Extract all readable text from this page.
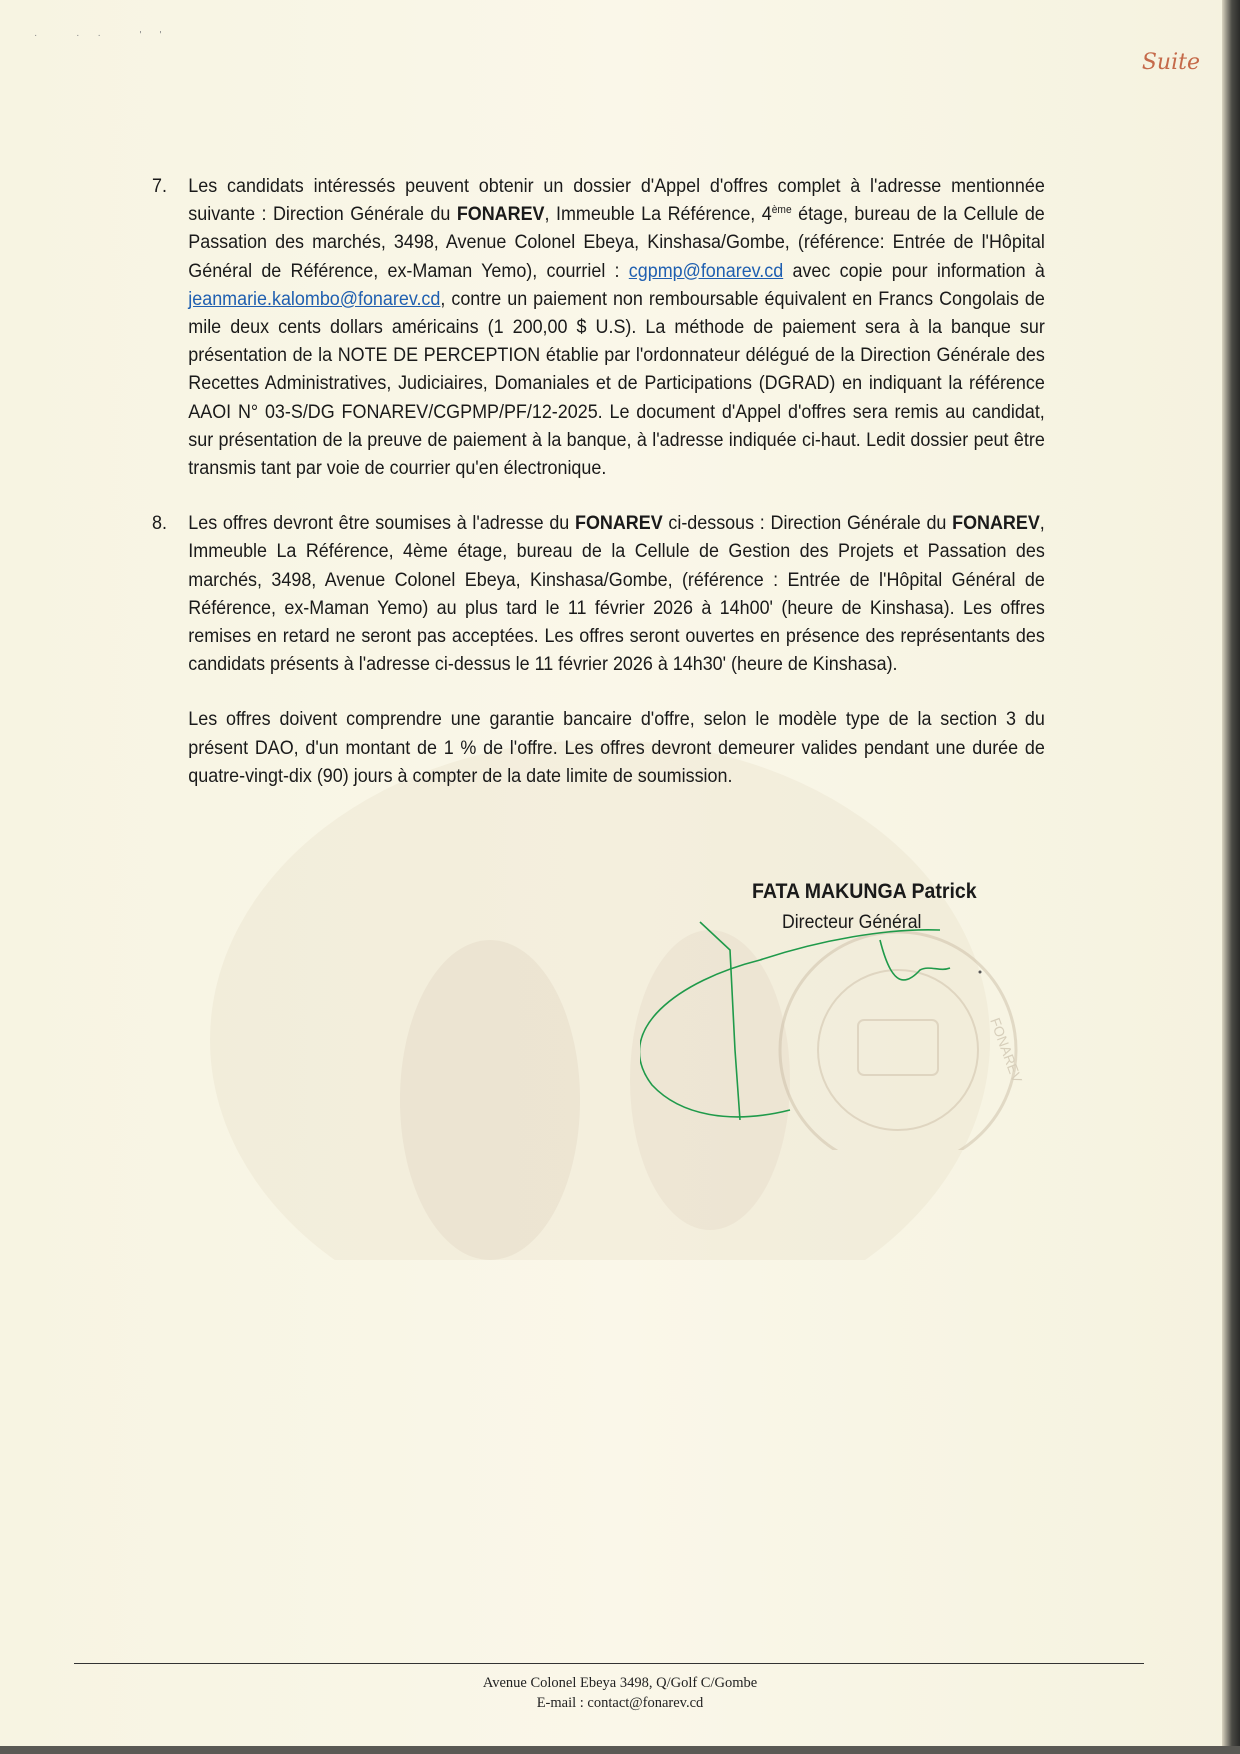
· ·· ''
Suite
7.	Les candidats intéressés peuvent obtenir un dossier d'Appel d'offres complet à l'adresse mentionnée suivante : Direction Générale du FONAREV, Immeuble La Référence, 4ème étage, bureau de la Cellule de Passation des marchés, 3498, Avenue Colonel Ebeya, Kinshasa/Gombe, (référence: Entrée de l'Hôpital Général de Référence, ex-Maman Yemo), courriel : cgpmp@fonarev.cd avec copie pour information à jeanmarie.kalombo@fonarev.cd, contre un paiement non remboursable équivalent en Francs Congolais de mile deux cents dollars américains (1 200,00 $ U.S). La méthode de paiement sera à la banque sur présentation de la NOTE DE PERCEPTION établie par l'ordonnateur délégué de la Direction Générale des Recettes Administratives, Judiciaires, Domaniales et de Participations (DGRAD) en indiquant la référence AAOI N° 03-S/DG FONAREV/CGPMP/PF/12-2025. Le document d'Appel d'offres sera remis au candidat, sur présentation de la preuve de paiement à la banque, à l'adresse indiquée ci-haut. Ledit dossier peut être transmis tant par voie de courrier qu'en électronique.
8.	Les offres devront être soumises à l'adresse du FONAREV ci-dessous : Direction Générale du FONAREV, Immeuble La Référence, 4ème étage, bureau de la Cellule de Gestion des Projets et Passation des marchés, 3498, Avenue Colonel Ebeya, Kinshasa/Gombe, (référence : Entrée de l'Hôpital Général de Référence, ex-Maman Yemo) au plus tard le 11 février 2026 à 14h00' (heure de Kinshasa). Les offres remises en retard ne seront pas acceptées. Les offres seront ouvertes en présence des représentants des candidats présents à l'adresse ci-dessus le 11 février 2026 à 14h30' (heure de Kinshasa).
Les offres doivent comprendre une garantie bancaire d'offre, selon le modèle type de la section 3 du présent DAO, d'un montant de 1 % de l'offre. Les offres devront demeurer valides pendant une durée de quatre-vingt-dix (90) jours à compter de la date limite de soumission.
FATA MAKUNGA Patrick
Directeur Général
FONAREV
Avenue Colonel Ebeya 3498, Q/Golf C/Gombe
E-mail : contact@fonarev.cd
